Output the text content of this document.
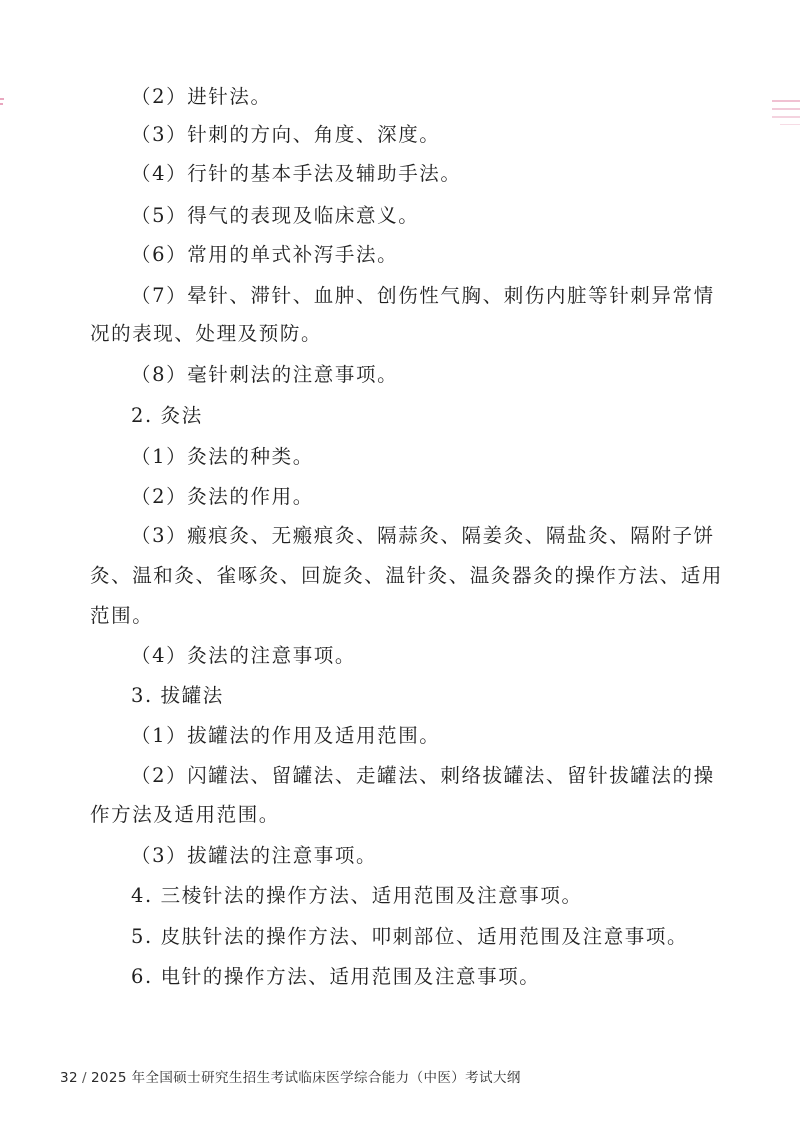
（2）进针法。
（3）针刺的方向、角度、深度。
（4）行针的基本手法及辅助手法。
（5）得气的表现及临床意义。
（6）常用的单式补泻手法。
（7）晕针、滞针、血肿、创伤性气胸、刺伤内脏等针刺异常情
况的表现、处理及预防。
（8）毫针刺法的注意事项。
2. 灸法
（1）灸法的种类。
（2）灸法的作用。
（3）瘢痕灸、无瘢痕灸、隔蒜灸、隔姜灸、隔盐灸、隔附子饼
灸、温和灸、雀啄灸、回旋灸、温针灸、温灸器灸的操作方法、适用
范围。
（4）灸法的注意事项。
3. 拔罐法
（1）拔罐法的作用及适用范围。
（2）闪罐法、留罐法、走罐法、刺络拔罐法、留针拔罐法的操
作方法及适用范围。
（3）拔罐法的注意事项。
4. 三棱针法的操作方法、适用范围及注意事项。
5. 皮肤针法的操作方法、叩刺部位、适用范围及注意事项。
6. 电针的操作方法、适用范围及注意事项。
32 / 2025 年全国硕士研究生招生考试临床医学综合能力（中医）考试大纲
